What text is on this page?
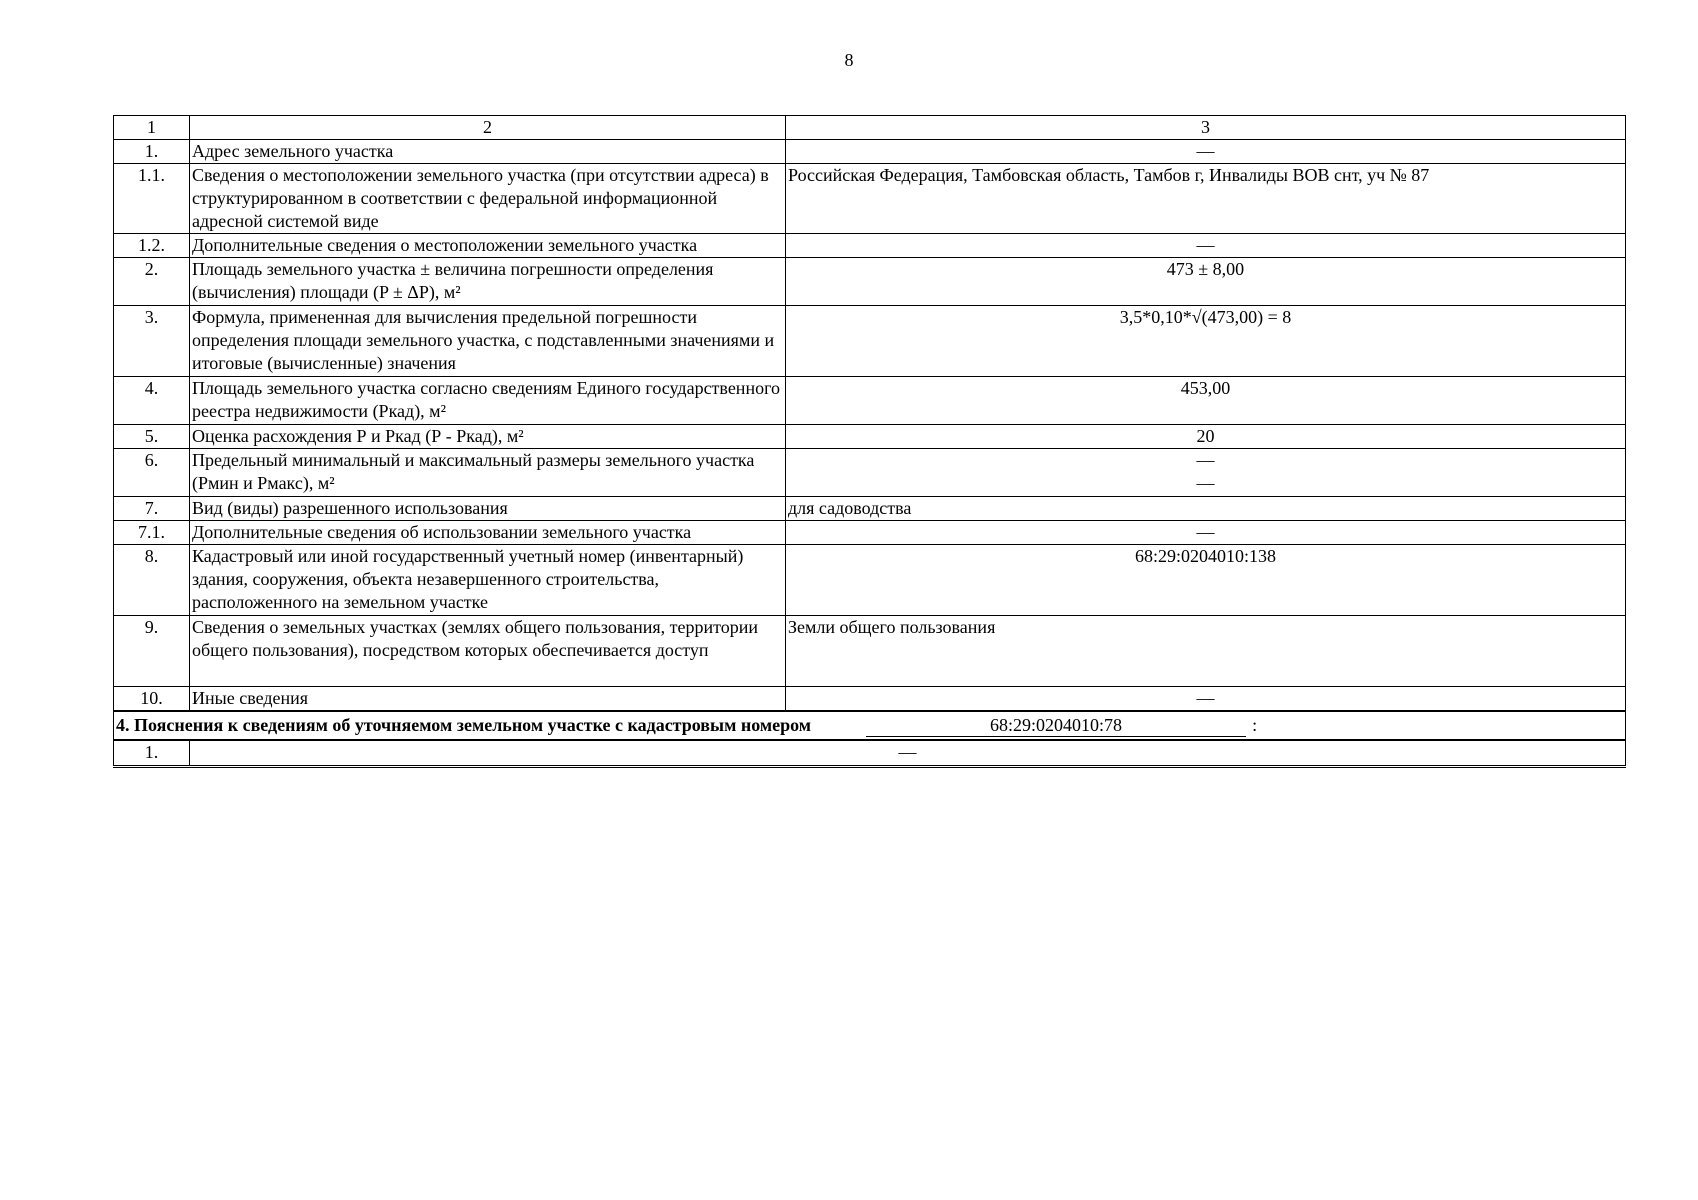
8
1	2	3
1.	Адрес земельного участка	—
1.1.	Сведения о местоположении земельного участка (при отсутствии адреса) в структурированном в соответствии с федеральной информационной адресной системой виде	Российская Федерация, Тамбовская область, Тамбов г, Инвалиды ВОВ снт, уч № 87
1.2.	Дополнительные сведения о местоположении земельного участка	—
2.	Площадь земельного участка ± величина погрешности определения (вычисления) площади (P ± ΔP), м²	473 ± 8,00
3.	Формула, примененная для вычисления предельной погрешности определения площади земельного участка, с подставленными значениями и итоговые (вычисленные) значения	3,5*0,10*√(473,00) = 8
4.	Площадь земельного участка согласно сведениям Единого государственного реестра недвижимости (Ркад), м²	453,00
5.	Оценка расхождения Р и Ркад (Р - Ркад), м²	20
6.	Предельный минимальный и максимальный размеры земельного участка (Рмин и Рмакс), м²	—
—

7.	Вид (виды) разрешенного использования	для садоводства
7.1.	Дополнительные сведения об использовании земельного участка	—
8.	Кадастровый или иной государственный учетный номер (инвентарный) здания, сооружения, объекта незавершенного строительства, расположенного на земельном участке	68:29:0204010:138
9.	Сведения о земельных участках (землях общего пользования, территории общего пользования), посредством которых обеспечивается доступ	Земли общего пользования
10.	Иные сведения	—
4. Пояснения к сведениям об уточняемом земельном участке с кадастровым номером 68:29:0204010:78 :		
1.	—	
